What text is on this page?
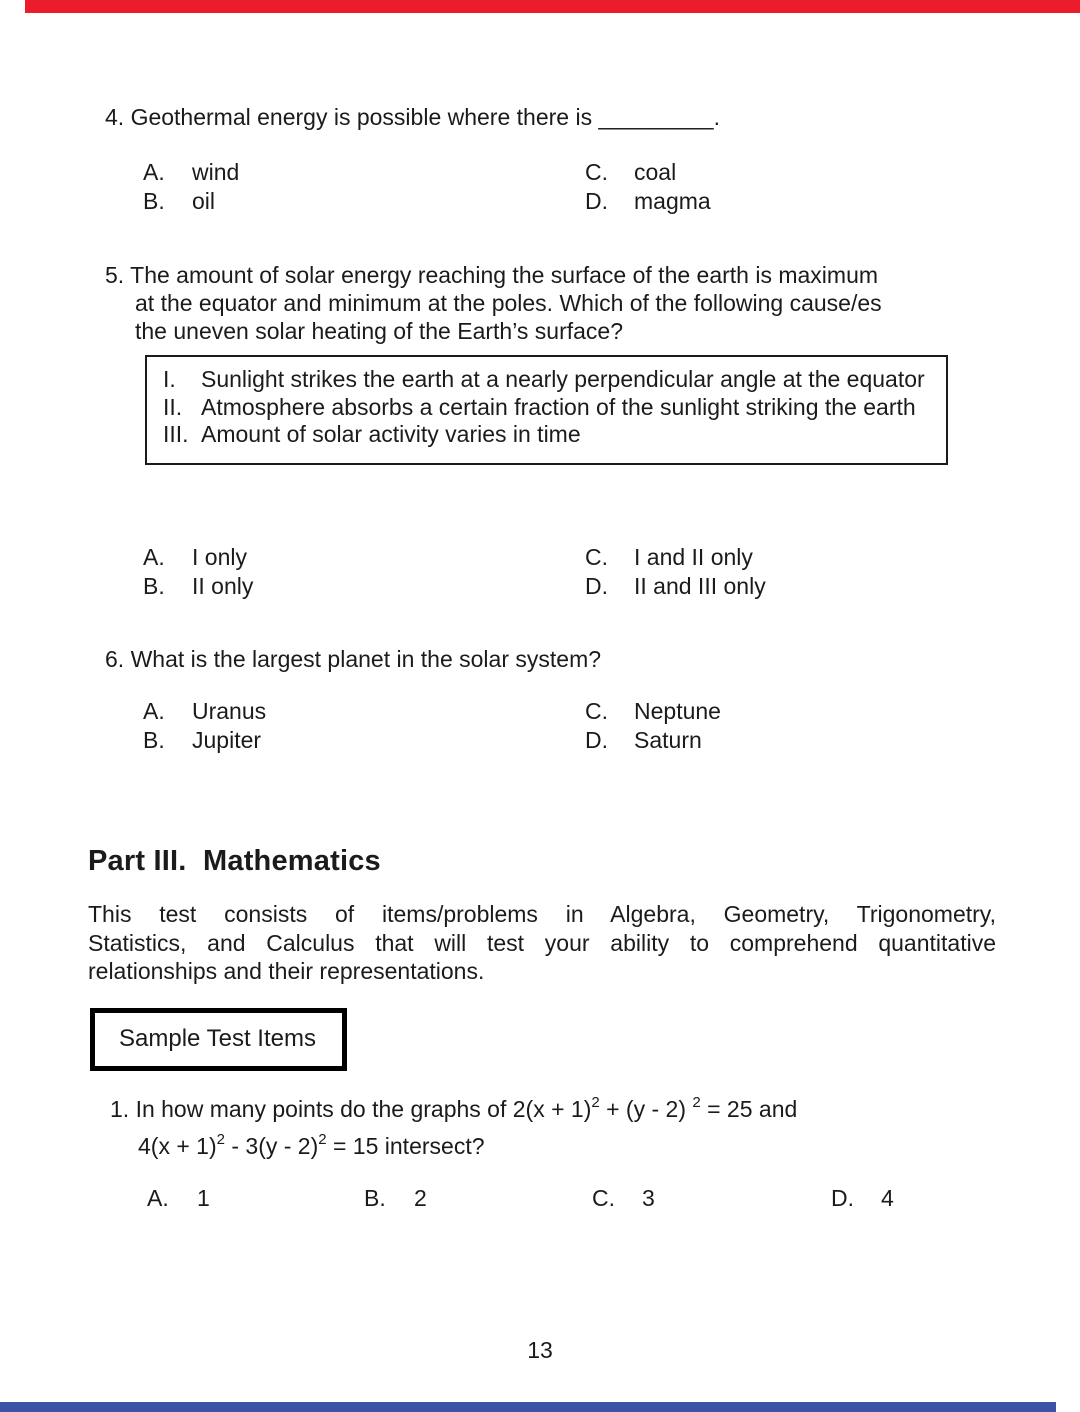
4. Geothermal energy is possible where there is _________.
A.	wind	C.	coal
B.	oil	D.	magma
5. The amount of solar energy reaching the surface of the earth is maximum
at the equator and minimum at the poles. Which of the following cause/es
the uneven solar heating of the Earth’s surface?
I.	Sunlight strikes the earth at a nearly perpendicular angle at the equator
II. Atmosphere absorbs a certain fraction of the sunlight striking the earth
III. Amount of solar activity varies in time
A.	I only	C.	I and II only
B.	II only	D.	II and III only
6. What is the largest planet in the solar system?
A.	Uranus	C.	Neptune
B.	Jupiter	D.	Saturn
Part III.  Mathematics

This test consists of items/problems in Algebra, Geometry, Trigonometry,

Statistics, and Calculus that will test your ability to comprehend quantitative

relationships and their representations.

Sample Test Items
1. In how many points do the graphs of $2(x + 1)^2 + (y - 2)$ $^2$ = 25 and
$4(x + 1)^2 - 3(y - 2)^2 = 15$ intersect?
A.	1	B.	2	C.	3	D.	4
13
